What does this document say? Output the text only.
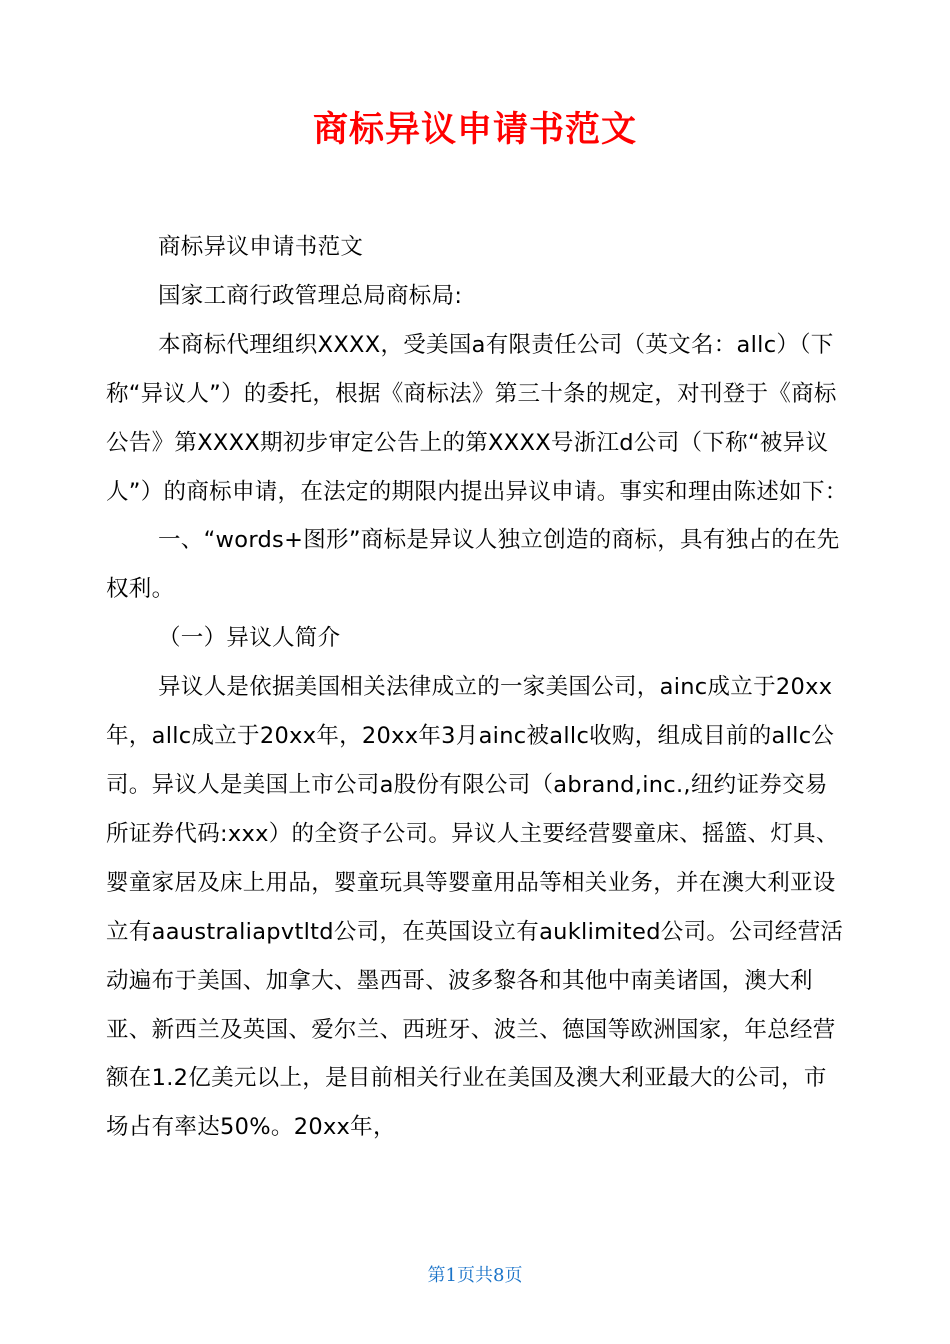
商标异议申请书范文

商标异议申请书范文

国家工商行政管理总局商标局:

本商标代理组织XXXX，受美国a有限责任公司（英文名：allc）（下称“异议人”）的委托，根据《商标法》第三十条的规定，对刊登于《商标公告》第XXXX期初步审定公告上的第XXXX号浙江d公司（下称“被异议人”）的商标申请，在法定的期限内提出异议申请。事实和理由陈述如下：

一、“words+图形”商标是异议人独立创造的商标，具有独占的在先权利。

（一）异议人简介

异议人是依据美国相关法律成立的一家美国公司，ainc成立于20xx年，allc成立于20xx年，20xx年3月ainc被allc收购，组成目前的allc公司。异议人是美国上市公司a股份有限公司（abrand,inc.,纽约证券交易所证券代码:xxx）的全资子公司。异议人主要经营婴童床、摇篮、灯具、婴童家居及床上用品，婴童玩具等婴童用品等相关业务，并在澳大利亚设立有aaustraliapvtltd公司，在英国设立有auklimited公司。公司经营活动遍布于美国、加拿大、墨西哥、波多黎各和其他中南美诸国，澳大利亚、新西兰及英国、爱尔兰、西班牙、波兰、德国等欧洲国家，年总经营额在1.2亿美元以上，是目前相关行业在美国及澳大利亚最大的公司，市场占有率达50%。20xx年，

第1页共8页
